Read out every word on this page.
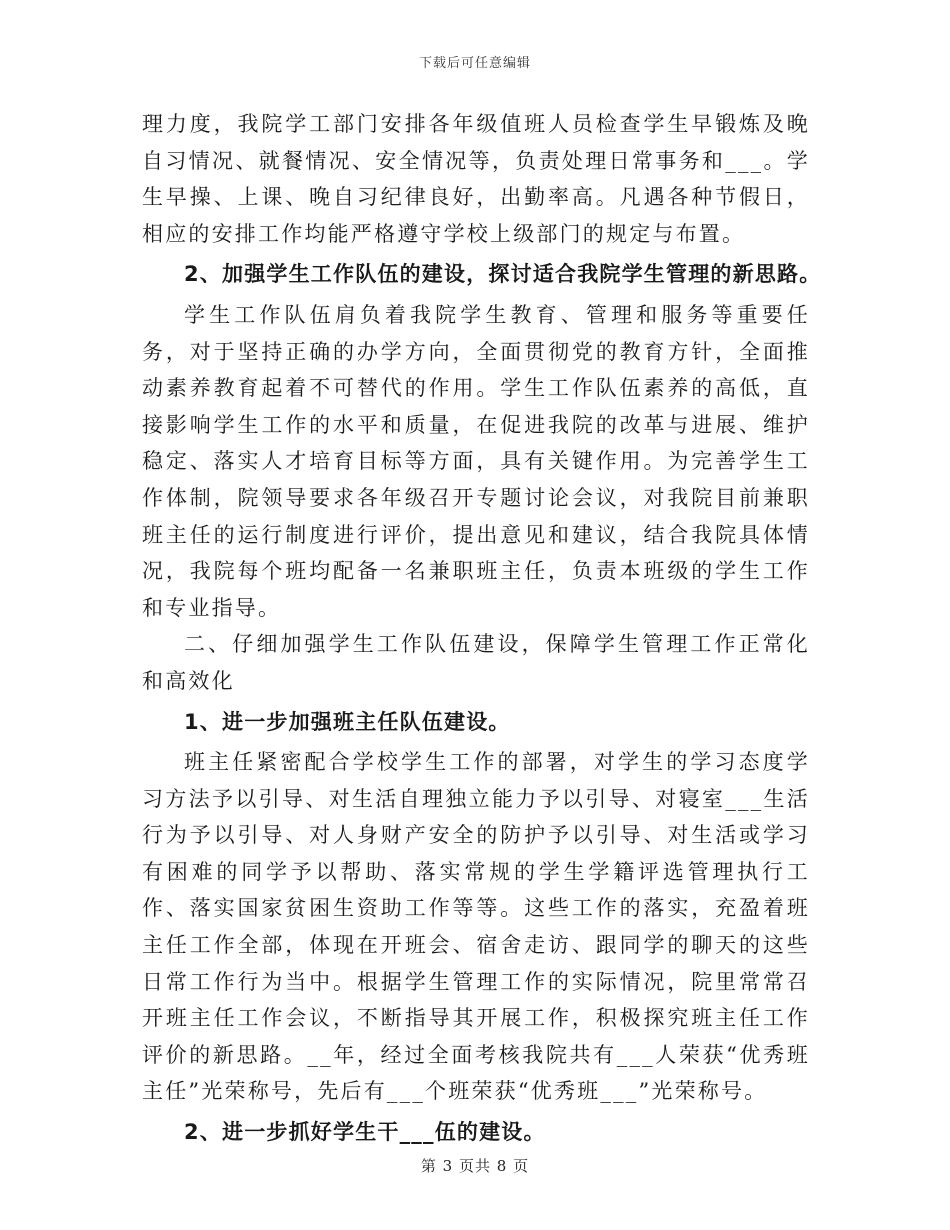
下载后可任意编辑

理力度，我院学工部门安排各年级值班人员检查学生早锻炼及晚自习情况、就餐情况、安全情况等，负责处理日常事务和___。学生早操、上课、晚自习纪律良好，出勤率高。凡遇各种节假日，相应的安排工作均能严格遵守学校上级部门的规定与布置。

2、加强学生工作队伍的建设，探讨适合我院学生管理的新思路。

学生工作队伍肩负着我院学生教育、管理和服务等重要任务，对于坚持正确的办学方向，全面贯彻党的教育方针，全面推动素养教育起着不可替代的作用。学生工作队伍素养的高低，直接影响学生工作的水平和质量，在促进我院的改革与进展、维护稳定、落实人才培育目标等方面，具有关键作用。为完善学生工作体制，院领导要求各年级召开专题讨论会议，对我院目前兼职班主任的运行制度进行评价，提出意见和建议，结合我院具体情况，我院每个班均配备一名兼职班主任，负责本班级的学生工作和专业指导。

二、仔细加强学生工作队伍建设，保障学生管理工作正常化和高效化

1、进一步加强班主任队伍建设。

班主任紧密配合学校学生工作的部署，对学生的学习态度学习方法予以引导、对生活自理独立能力予以引导、对寝室___生活行为予以引导、对人身财产安全的防护予以引导、对生活或学习有困难的同学予以帮助、落实常规的学生学籍评选管理执行工作、落实国家贫困生资助工作等等。这些工作的落实，充盈着班主任工作全部，体现在开班会、宿舍走访、跟同学的聊天的这些日常工作行为当中。根据学生管理工作的实际情况，院里常常召开班主任工作会议，不断指导其开展工作，积极探究班主任工作评价的新思路。__年，经过全面考核我院共有___人荣获“优秀班主任”光荣称号，先后有___个班荣获“优秀班___”光荣称号。

2、进一步抓好学生干___伍的建设。

第 3 页共 8 页
